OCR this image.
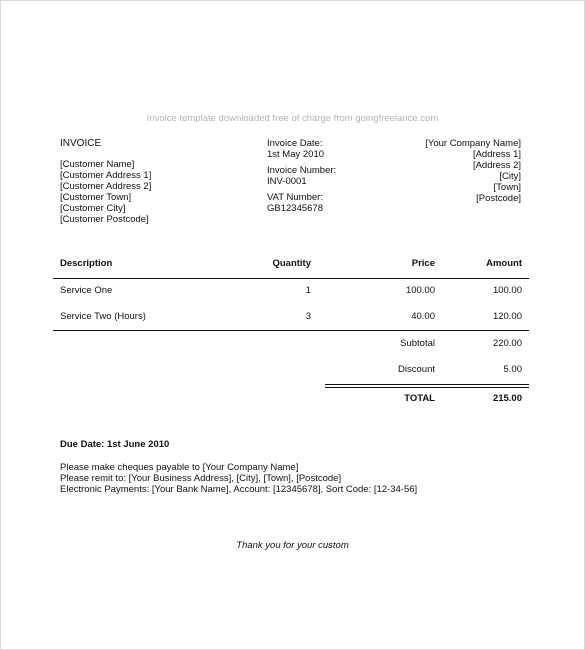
Invoice template downloaded free of charge from goingfreelance.com
INVOICE
[Customer Name]
[Customer Address 1]
[Customer Address 2]
[Customer Town]
[Customer City]
[Customer Postcode]
Invoice Date:
1st May 2010
Invoice Number:
INV-0001
VAT Number:
GB12345678
[Your Company Name]
[Address 1]
[Address 2]
[City]
[Town]
[Postcode]
Description	Quantity	Price	Amount
Service One	1	100.00	100.00
Service Two (Hours)	3	40.00	120.00
Subtotal	220.00
Discount	5.00
TOTAL	215.00
Due Date: 1st June 2010
Please make cheques payable to [Your Company Name]
Please remit to: [Your Business Address], [City], [Town], [Postcode]
Electronic Payments: [Your Bank Name], Account: [12345678], Sort Code: [12-34-56]
Thank you for your custom
